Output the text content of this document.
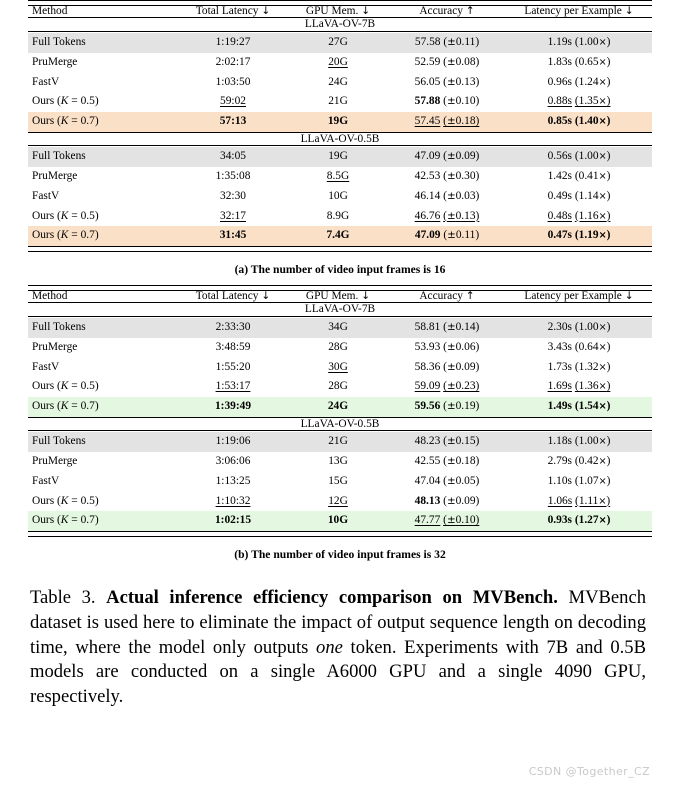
Method	Total Latency ↓	GPU Mem. ↓	Accuracy ↑	Latency per Example ↓

LLaVA-OV-7B				

Full Tokens	1:19:27	27G	57.58 (±0.11)	1.19s (1.00×)
PruMerge	2:02:17	20G	52.59 (±0.08)	1.83s (0.65×)
FastV	1:03:50	24G	56.05 (±0.13)	0.96s (1.24×)
Ours (K = 0.5)	59:02	21G	57.88 (±0.10)	0.88s (1.35×)
Ours (K = 0.7)	57:13	19G	57.45 (±0.18)	0.85s (1.40×)

LLaVA-OV-0.5B				

Full Tokens	34:05	19G	47.09 (±0.09)	0.56s (1.00×)
PruMerge	1:35:08	8.5G	42.53 (±0.30)	1.42s (0.41×)
FastV	32:30	10G	46.14 (±0.03)	0.49s (1.14×)
Ours (K = 0.5)	32:17	8.9G	46.76 (±0.13)	0.48s (1.16×)
Ours (K = 0.7)	31:45	7.4G	47.09 (±0.11)	0.47s (1.19×)

(a) The number of video input frames is 16

Method	Total Latency ↓	GPU Mem. ↓	Accuracy ↑	Latency per Example ↓

LLaVA-OV-7B				

Full Tokens	2:33:30	34G	58.81 (±0.14)	2.30s (1.00×)
PruMerge	3:48:59	28G	53.93 (±0.06)	3.43s (0.64×)
FastV	1:55:20	30G	58.36 (±0.09)	1.73s (1.32×)
Ours (K = 0.5)	1:53:17	28G	59.09 (±0.23)	1.69s (1.36×)
Ours (K = 0.7)	1:39:49	24G	59.56 (±0.19)	1.49s (1.54×)

LLaVA-OV-0.5B				

Full Tokens	1:19:06	21G	48.23 (±0.15)	1.18s (1.00×)
PruMerge	3:06:06	13G	42.55 (±0.18)	2.79s (0.42×)
FastV	1:13:25	15G	47.04 (±0.05)	1.10s (1.07×)
Ours (K = 0.5)	1:10:32	12G	48.13 (±0.09)	1.06s (1.11×)
Ours (K = 0.7)	1:02:15	10G	47.77 (±0.10)	0.93s (1.27×)

(b) The number of video input frames is 32
Table 3. Actual inference efficiency comparison on MVBench. MVBench dataset is used here to eliminate the impact of output sequence length on decoding time, where the model only outputs one token. Experiments with 7B and 0.5B models are conducted on a single A6000 GPU and a single 4090 GPU, respectively.
CSDN @Together_CZ
